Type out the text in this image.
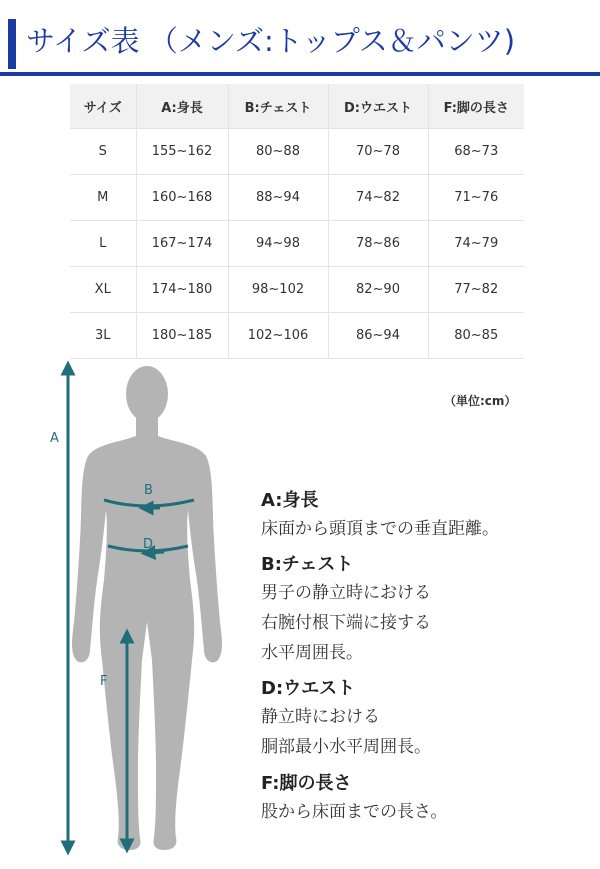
サイズ表 （メンズ:トップス＆パンツ)
サイズ	A:身長	B:チェスト	D:ウエスト	F:脚の長さ
S	155~162	80~88	70~78	68~73
M	160~168	88~94	74~82	71~76
L	167~174	94~98	78~86	74~79
XL	174~180	98~102	82~90	77~82
3L	180~185	102~106	86~94	80~85
（単位:cm）
A
B
D
F
A:身長
床面から頭頂までの垂直距離。
B:チェスト
男子の静立時における
右腕付根下端に接する
水平周囲長。
D:ウエスト
静立時における
胴部最小水平周囲長。
F:脚の長さ
股から床面までの長さ。
